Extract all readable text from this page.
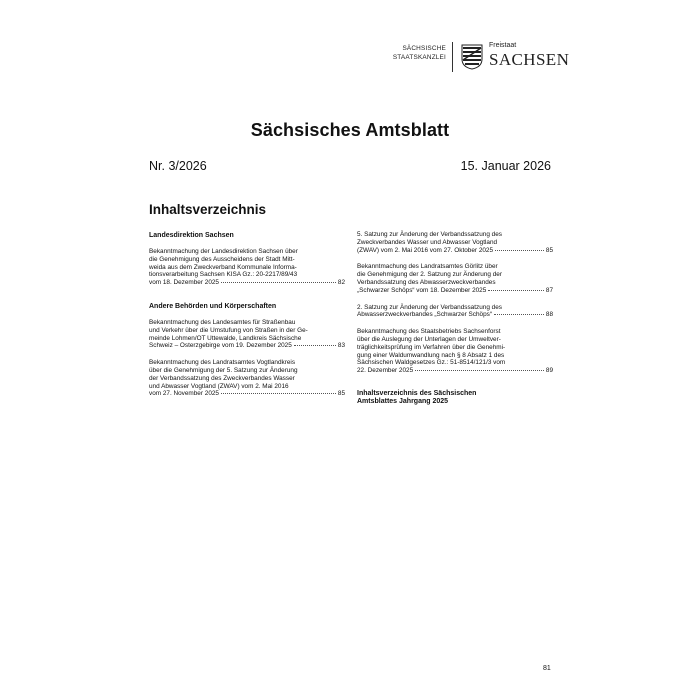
SÄCHSISCHE
STAATSKANZLEI
Freistaat
SACHSEN
Sächsisches Amtsblatt
Nr. 3/2026	15. Januar 2026
Inhaltsverzeichnis
Landesdirektion Sachsen
Bekanntmachung der Landesdirektion Sachsen über
die Genehmigung des Ausscheidens der Stadt Mitt-
weida aus dem Zweckverband Kommunale Informa-
tionsverarbeitung Sachsen KISA Gz.: 20-2217/89/43
vom 18. Dezember 2025	82
Andere Behörden und Körperschaften
Bekanntmachung des Landesamtes für Straßenbau
und Verkehr über die Umstufung von Straßen in der Ge-
meinde Lohmen/OT Uttewalde, Landkreis Sächsische
Schweiz – Osterzgebirge vom 19. Dezember 2025	83
Bekanntmachung des Landratsamtes Vogtlandkreis
über die Genehmigung der 5. Satzung zur Änderung
der Verbandssatzung des Zweckverbandes Wasser
und Abwasser Vogtland (ZWAV) vom 2. Mai 2016
vom 27. November 2025	85
5. Satzung zur Änderung der Verbandssatzung des
Zweckverbandes Wasser und Abwasser Vogtland
(ZWAV) vom 2. Mai 2016 vom 27. Oktober 2025	85
Bekanntmachung des Landratsamtes Görlitz über
die Genehmigung der 2. Satzung zur Änderung der
Verbandssatzung des Abwasserzweckverbandes
„Schwarzer Schöps“ vom 18. Dezember 2025	87
2. Satzung zur Änderung der Verbandssatzung des
Abwasserzweckverbandes „Schwarzer Schöps“	88
Bekanntmachung des Staatsbetriebs Sachsenforst
über die Auslegung der Unterlagen der Umweltver-
träglichkeitsprüfung im Verfahren über die Genehmi-
gung einer Waldumwandlung nach § 8 Absatz 1 des
Sächsischen Waldgesetzes Gz.: 51-8514/121/3 vom
22. Dezember 2025	89
Inhaltsverzeichnis des Sächsischen
Amtsblattes Jahrgang 2025
81
